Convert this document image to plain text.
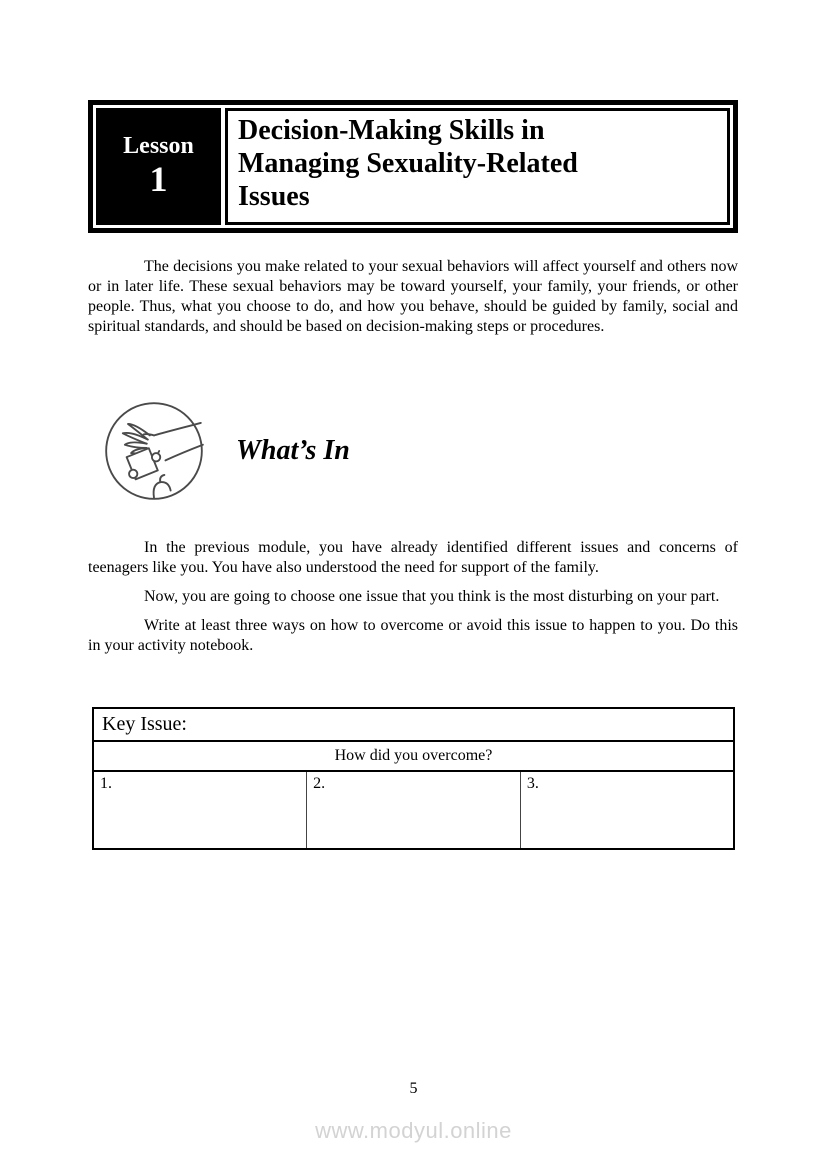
Lesson
1
Decision-Making Skills in
Managing Sexuality-Related
Issues

The decisions you make related to your sexual behaviors will affect yourself and others now or in later life. These sexual behaviors may be toward yourself, your family, your friends, or other people. Thus, what you choose to do, and how you behave, should be guided by family, social and spiritual standards, and should be based on decision-making steps or procedures.

What’s In

In the previous module, you have already identified different issues and concerns of teenagers like you. You have also understood the need for support of the family.

Now, you are going to choose one issue that you think is the most disturbing on your part.

Write at least three ways on how to overcome or avoid this issue to happen to you. Do this in your activity notebook.

Key Issue:
How did you overcome?
1.	2.	3.
5
www.modyul.online
